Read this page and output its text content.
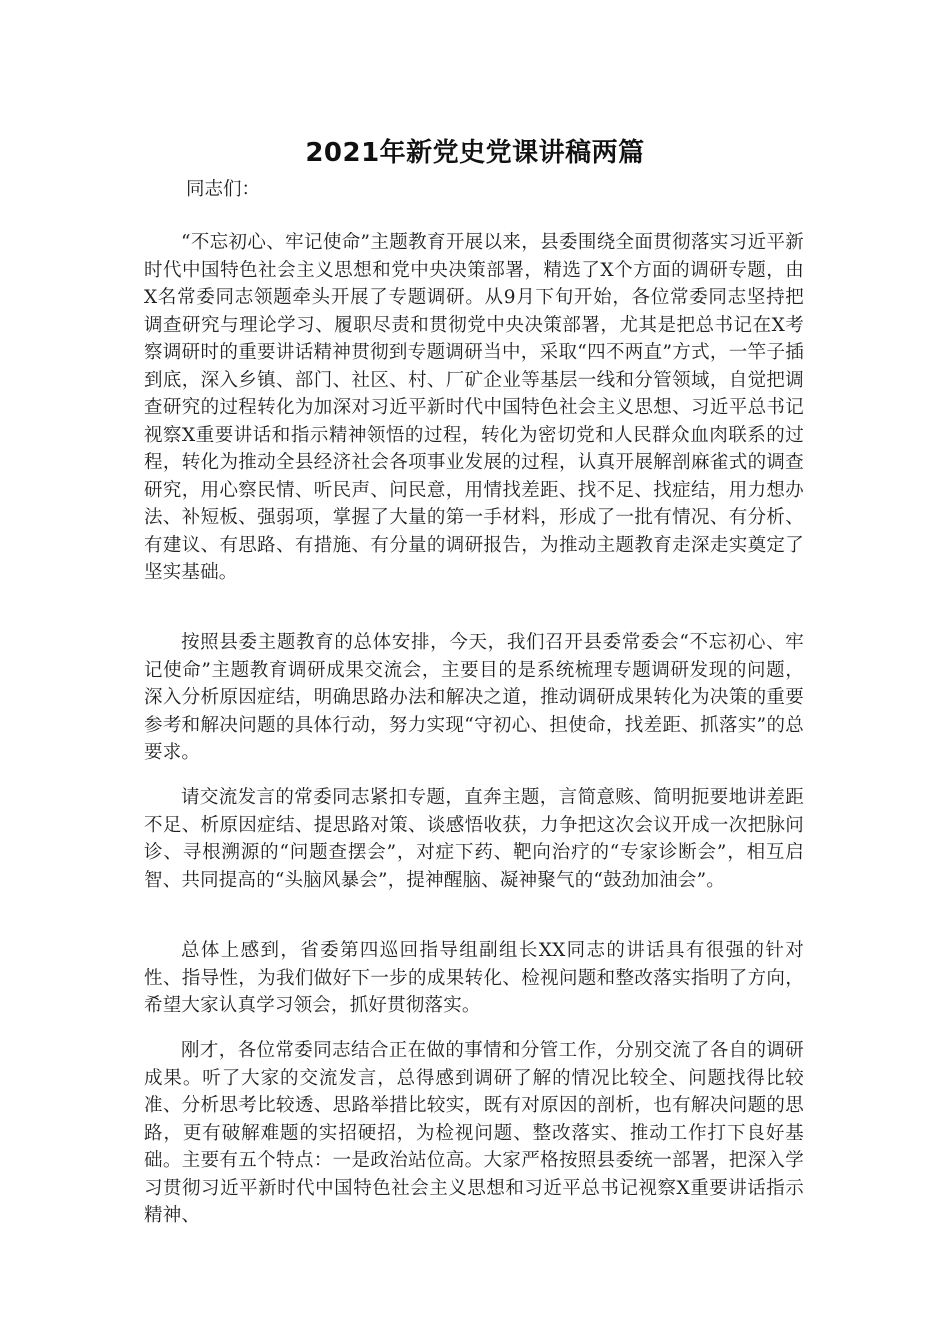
2021年新党史党课讲稿两篇
同志们：

“不忘初心、牢记使命”主题教育开展以来，县委围绕全面贯彻落实习近平新时代中国特色社会主义思想和党中央决策部署，精选了X个方面的调研专题，由X名常委同志领题牵头开展了专题调研。从9月下旬开始，各位常委同志坚持把调查研究与理论学习、履职尽责和贯彻党中央决策部署，尤其是把总书记在X考察调研时的重要讲话精神贯彻到专题调研当中，采取“四不两直”方式，一竿子插到底，深入乡镇、部门、社区、村、厂矿企业等基层一线和分管领域，自觉把调查研究的过程转化为加深对习近平新时代中国特色社会主义思想、习近平总书记视察X重要讲话和指示精神领悟的过程，转化为密切党和人民群众血肉联系的过程，转化为推动全县经济社会各项事业发展的过程，认真开展解剖麻雀式的调查研究，用心察民情、听民声、问民意，用情找差距、找不足、找症结，用力想办法、补短板、强弱项，掌握了大量的第一手材料，形成了一批有情况、有分析、有建议、有思路、有措施、有分量的调研报告，为推动主题教育走深走实奠定了坚实基础。

按照县委主题教育的总体安排，今天，我们召开县委常委会“不忘初心、牢记使命”主题教育调研成果交流会，主要目的是系统梳理专题调研发现的问题，深入分析原因症结，明确思路办法和解决之道，推动调研成果转化为决策的重要参考和解决问题的具体行动，努力实现“守初心、担使命，找差距、抓落实”的总要求。

请交流发言的常委同志紧扣专题，直奔主题，言简意赅、简明扼要地讲差距不足、析原因症结、提思路对策、谈感悟收获，力争把这次会议开成一次把脉问诊、寻根溯源的“问题查摆会”，对症下药、靶向治疗的“专家诊断会”，相互启智、共同提高的“头脑风暴会”，提神醒脑、凝神聚气的“鼓劲加油会”。

总体上感到，省委第四巡回指导组副组长XX同志的讲话具有很强的针对性、指导性，为我们做好下一步的成果转化、检视问题和整改落实指明了方向，希望大家认真学习领会，抓好贯彻落实。

刚才，各位常委同志结合正在做的事情和分管工作，分别交流了各自的调研成果。听了大家的交流发言，总得感到调研了解的情况比较全、问题找得比较准、分析思考比较透、思路举措比较实，既有对原因的剖析，也有解决问题的思路，更有破解难题的实招硬招，为检视问题、整改落实、推动工作打下良好基础。主要有五个特点：一是政治站位高。大家严格按照县委统一部署，把深入学习贯彻习近平新时代中国特色社会主义思想和习近平总书记视察X重要讲话指示精神、
